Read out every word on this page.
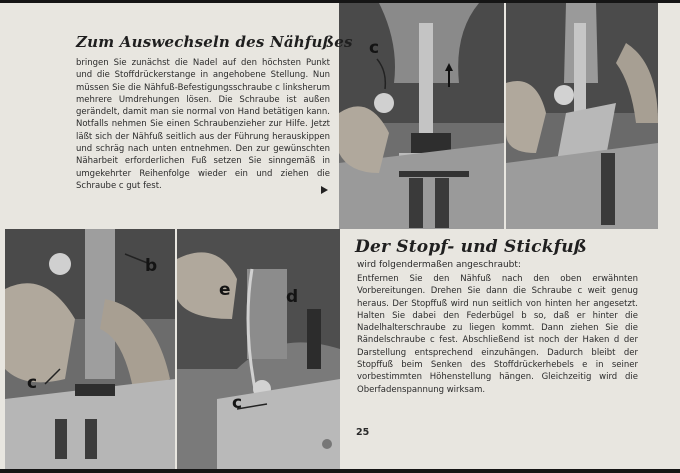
c
b
c
e	d
c
Zum Auswechseln des Nähfußes

bringen Sie zunächst die Nadel auf den höchsten Punkt und die Stoffdrückerstange in angehobene Stellung. Nun müssen Sie die Nähfuß-Befestigungsschraube c linksherum mehrere Umdrehungen lösen. Die Schraube ist außen gerändelt, damit man sie normal von Hand betätigen kann. Notfalls nehmen Sie einen Schraubenzieher zur Hilfe. Jetzt läßt sich der Nähfuß seitlich aus der Führung herauskippen und schräg nach unten entnehmen. Den zur gewünschten Näharbeit erforderlichen Fuß setzen Sie sinngemäß in umgekehrter Reihenfolge wieder ein und ziehen die Schraube c gut fest.

Der Stopf- und Stickfuß
wird folgendermaßen angeschraubt:

Entfernen Sie den Nähfuß nach den oben erwähnten Vorbereitungen. Drehen Sie dann die Schraube c weit genug heraus. Der Stopffuß wird nun seitlich von hinten her angesetzt. Halten Sie dabei den Federbügel b so, daß er hinter die Nadelhalterschraube zu liegen kommt. Dann ziehen Sie die Rändelschraube c fest. Abschließend ist noch der Haken d der Darstellung entsprechend einzuhängen. Dadurch bleibt der Stopffuß beim Senken des Stoffdrückerhebels e in seiner vorbestimmten Höhenstellung hängen. Gleichzeitig wird die Oberfadenspannung wirksam.

25
